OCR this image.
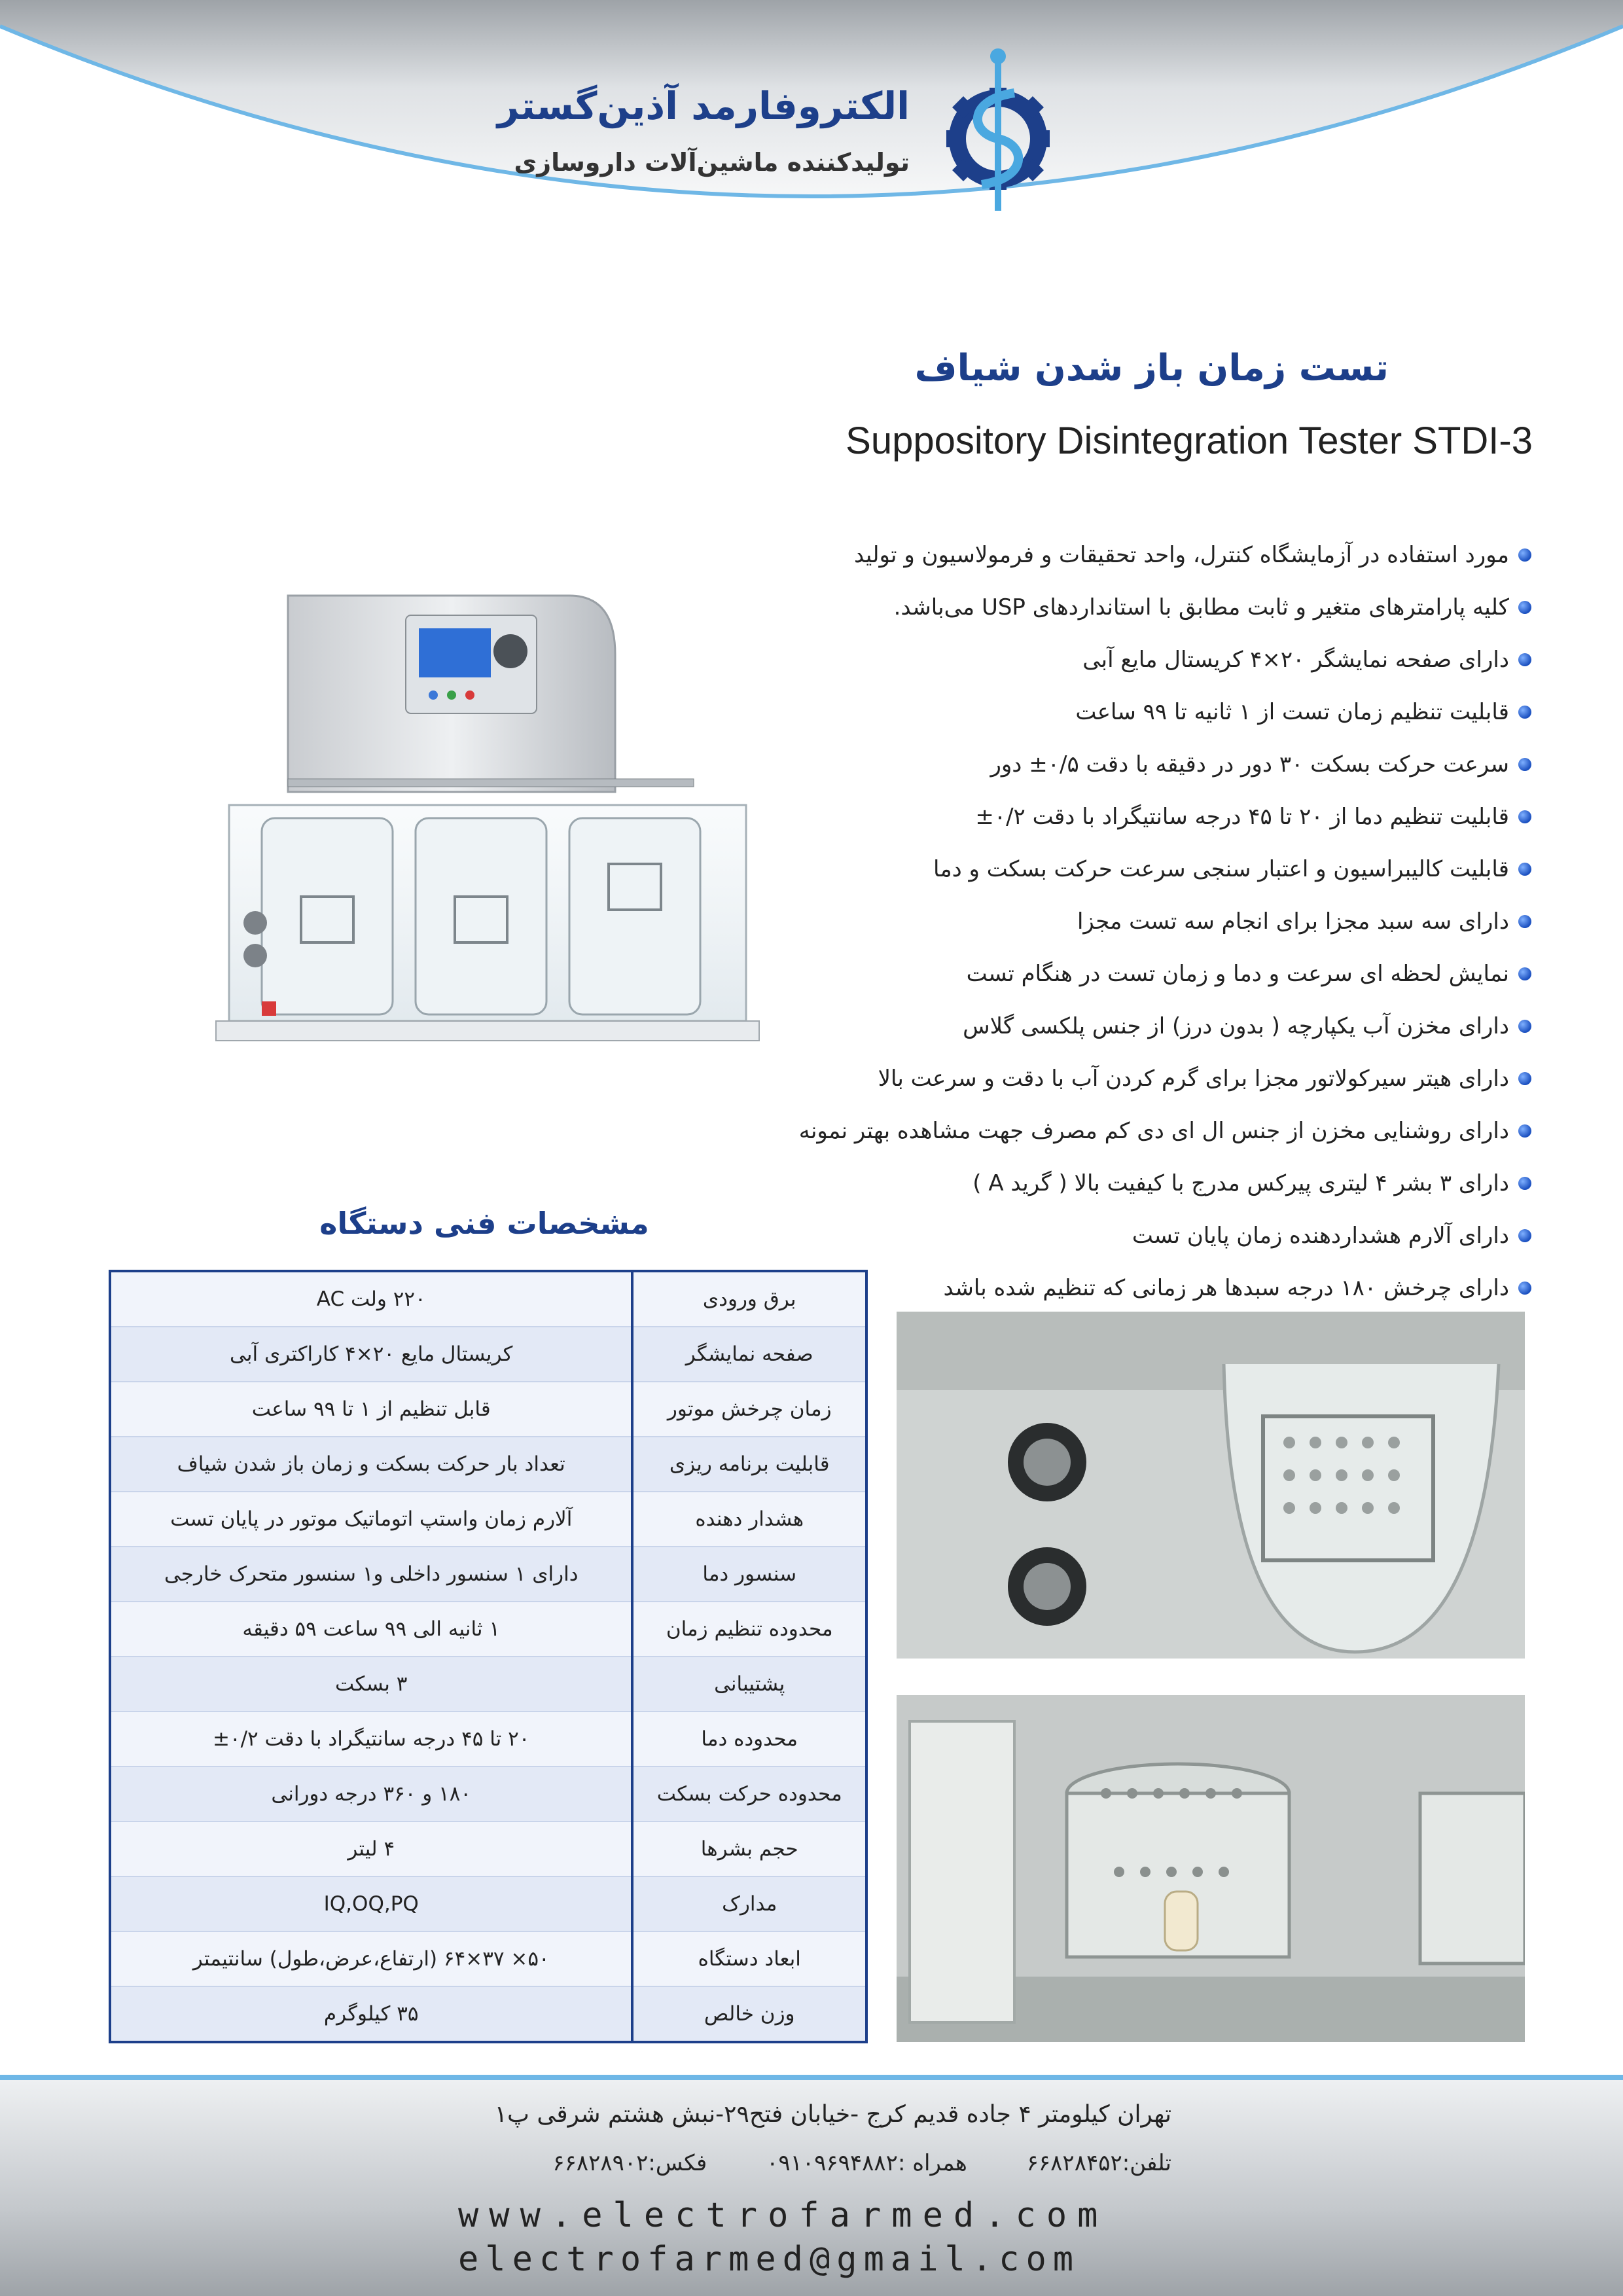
الکتروفارمد آذین‌گستر
تولیدکننده ماشین‌آلات داروسازی
تست زمان باز شدن شیاف
Suppository Disintegration Tester STDI-3
مورد استفاده در آزمایشگاه کنترل، واحد تحقیقات و فرمولاسیون و تولید
کلیه پارامترهای متغیر و ثابت مطابق با استانداردهای USP می‌باشد.
دارای صفحه نمایشگر ۲۰×۴ کریستال مایع آبی
قابلیت تنظیم زمان تست از ۱ ثانیه تا ۹۹ ساعت
سرعت حرکت بسکت ۳۰ دور در دقیقه با دقت ۰/۵± دور
قابلیت تنظیم دما از ۲۰ تا ۴۵ درجه سانتیگراد با دقت ۰/۲±
قابلیت کالیبراسیون و اعتبار سنجی سرعت حرکت بسکت و دما
دارای سه سبد مجزا برای انجام سه تست مجزا
نمایش لحظه ای سرعت و دما و زمان تست در هنگام تست
دارای مخزن آب یکپارچه ( بدون درز) از جنس پلکسی گلاس
دارای هیتر سیرکولاتور مجزا برای گرم کردن آب با دقت و سرعت بالا
دارای روشنایی مخزن از جنس ال ای دی کم مصرف جهت مشاهده بهتر نمونه
دارای ۳ بشر ۴ لیتری پیرکس مدرج با کیفیت بالا ( گرید A )
دارای آلارم هشداردهنده زمان پایان تست
دارای چرخش ۱۸۰ درجه سبدها هر زمانی که تنظیم شده باشد
مشخصات فنی دستگاه
برق ورودی	۲۲۰ ولت AC
صفحه نمایشگر	کریستال مایع ۲۰×۴ کاراکتری آبی
زمان چرخش موتور	قابل تنظیم از ۱ تا ۹۹ ساعت
قابلیت برنامه ریزی	تعداد بار حرکت بسکت و زمان باز شدن شیاف
هشدار دهنده	آلارم زمان واستپ اتوماتیک موتور در پایان تست
سنسور دما	دارای ۱ سنسور داخلی و۱ سنسور متحرک خارجی
محدوده تنظیم زمان	۱ ثانیه الی ۹۹ ساعت ۵۹ دقیقه
پشتیبانی	۳ بسکت
محدوده دما	۲۰ تا ۴۵ درجه سانتیگراد با دقت ۰/۲±
محدوده حرکت بسکت	۱۸۰ و ۳۶۰ درجه دورانی
حجم بشرها	۴ لیتر
مدارک	IQ,OQ,PQ
ابعاد دستگاه	۵۰× ۳۷×۶۴ (ارتفاع،عرض،طول) سانتیمتر
وزن خالص	۳۵ کیلوگرم
تهران کیلومتر ۴ جاده قدیم کرج -خیابان فتح۲۹-نبش هشتم شرقی پ۱
تلفن:۶۶۸۲۸۴۵۲ همراه :۰۹۱۰۹۶۹۴۸۸۲ فکس:۶۶۸۲۸۹۰۲
www.electrofarmed.com
electrofarmed@gmail.com
